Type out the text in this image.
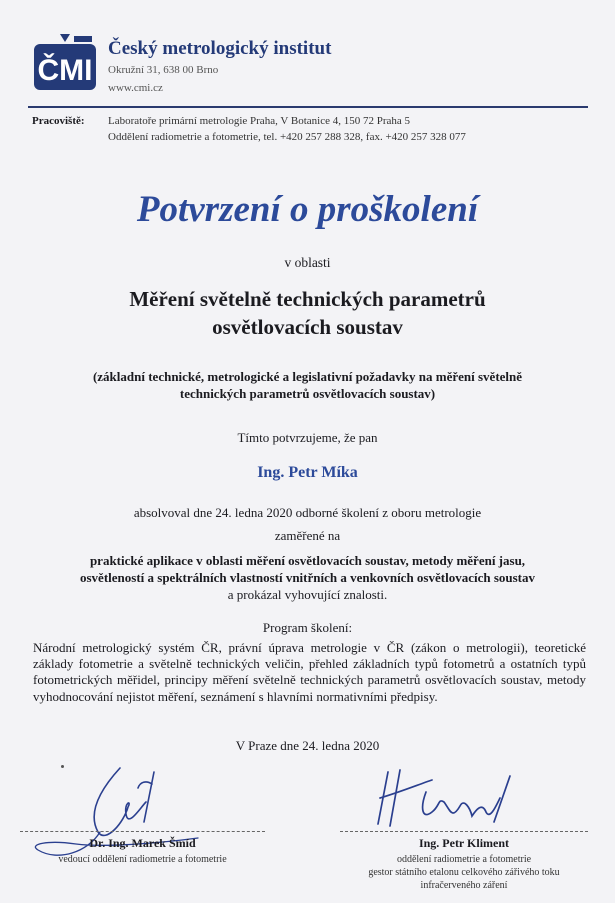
ČMI
Český metrologický institut
Okružní 31, 638 00 Brno
www.cmi.cz
Pracoviště: Laboratoře primární metrologie Praha, V Botanice 4, 150 72 Praha 5
Oddělení radiometrie a fotometrie, tel. +420 257 288 328, fax. +420 257 328 077
Potvrzení o proškolení
v oblasti
Měření světelně technických parametrů
osvětlovacích soustav
(základní technické, metrologické a legislativní požadavky na měření světelně
technických parametrů osvětlovacích soustav)
Tímto potvrzujeme, že pan
Ing. Petr Míka
absolvoval dne 24. ledna 2020 odborné školení z oboru metrologie
zaměřené na
praktické aplikace v oblasti měření osvětlovacích soustav, metody měření jasu,
osvětleností a spektrálních vlastností vnitřních a venkovních osvětlovacích soustav
a prokázal vyhovující znalosti.
Program školení:
Národní metrologický systém ČR, právní úprava metrologie v ČR (zákon o metrologii), teoretické základy fotometrie a světelně technických veličin, přehled základních typů fotometrů a ostatních typů fotometrických měřidel, principy měření světelně technických parametrů osvětlovacích soustav, metody vyhodnocování nejistot měření, seznámení s hlavními normativními předpisy.
V Praze dne 24. ledna 2020
Dr. Ing. Marek Šmíd
vedoucí oddělení radiometrie a fotometrie
Ing. Petr Kliment
oddělení radiometrie a fotometrie
gestor státního etalonu celkového zářivého toku
infračerveného záření
